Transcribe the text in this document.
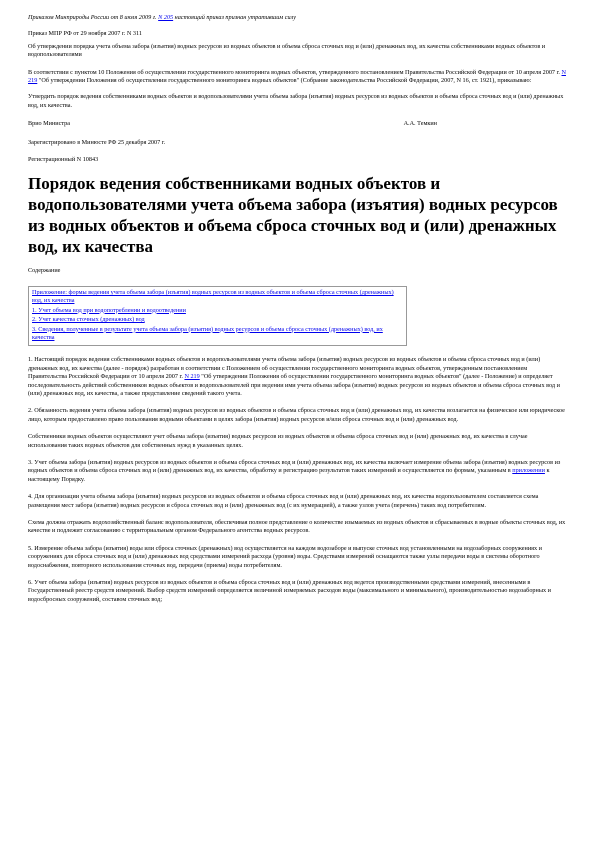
Приказом Минприроды России от 8 июля 2009 г. N 205 настоящий приказ признан утратившим силу
Приказ МПР РФ от 29 ноября 2007 г. N 311
Об утверждении порядка учета объема забора (изъятия) водных ресурсов из водных объектов и объема сброса сточных вод и (или) дренажных вод, их качества собственниками водных объектов и водопользователями
В соответствии с пунктом 10 Положения об осуществлении государственного мониторинга водных объектов, утвержденного постановлением Правительства Российской Федерации от 10 апреля 2007 г. N 219 "Об утверждении Положения об осуществлении государственного мониторинга водных объектов" (Собрание законодательства Российской Федерации, 2007, N 16, ст. 1921), приказываю:
Утвердить порядок ведения собственниками водных объектов и водопользователями учета объема забора (изъятия) водных ресурсов из водных объектов и объема сброса сточных вод и (или) дренажных вод, их качества.
Врио Министра	А.А. Темкин
Зарегистрировано в Минюсте РФ 25 декабря 2007 г.
Регистрационный N 10843
Порядок ведения собственниками водных объектов и водопользователями учета объема забора (изъятия) водных ресурсов из водных объектов и объема сброса сточных вод и (или) дренажных вод, их качества
Содержание
Приложение: формы ведения учета объема забора (изъятия) водных ресурсов из водных объектов и объема сброса сточных (дренажных) вод, их качества
1. Учет объема вод при водопотреблении и водоотведении
2. Учет качества сточных (дренажных) вод
3. Сведения, полученные в результате учета объема забора (изъятия) водных ресурсов и объема сброса сточных (дренажных) вод, их качества
1. Настоящий порядок ведения собственниками водных объектов и водопользователями учета объема забора (изъятия) водных ресурсов из водных объектов и объема сброса сточных вод и (или) дренажных вод, их качества (далее - порядок) разработан в соответствии с Положением об осуществлении государственного мониторинга водных объектов, утвержденным постановлением Правительства Российской Федерации от 10 апреля 2007 г. N 219 "Об утверждении Положения об осуществлении государственного мониторинга водных объектов" (далее - Положение) и определяет последовательность действий собственников водных объектов и водопользователей при ведении ими учета объема забора (изъятия) водных ресурсов из водных объектов и объема сброса сточных вод и (или) дренажных вод, их качества, а также представление сведений такого учета.
2. Обязанность ведения учета объема забора (изъятия) водных ресурсов из водных объектов и объема сброса сточных вод и (или) дренажных вод, их качества возлагается на физическое или юридическое лицо, которым предоставлено право пользования водными объектами в целях забора (изъятия) водных ресурсов и/или сброса сточных вод и (или) дренажных вод.
Собственники водных объектов осуществляют учет объема забора (изъятия) водных ресурсов из водных объектов и объема сброса сточных вод и (или) дренажных вод, их качества в случае использования таких водных объектов для собственных нужд в указанных целях.
3. Учет объема забора (изъятия) водных ресурсов из водных объектов и объема сброса сточных вод и (или) дренажных вод, их качества включает измерение объема забора (изъятия) водных ресурсов из водных объектов и объема сброса сточных вод и (или) дренажных вод, их качества, обработку и регистрацию результатов таких измерений и осуществляется по формам, указанным в приложении к настоящему Порядку.
4. Для организации учета объема забора (изъятия) водных ресурсов из водных объектов и объема сброса сточных вод и (или) дренажных вод, их качества водопользователем составляется схема размещения мест забора (изъятия) водных ресурсов и сброса сточных вод и (или) дренажных вод (с их нумерацией), а также узлов учета (перечень) таких вод потребителям.
Схема должна отражать водохозяйственный баланс водопользователя, обеспечивая полное представление о количестве изымаемых из водных объектов и сбрасываемых в водные объекты сточных вод, их качестве и подлежит согласованию с территориальным органом Федерального агентства водных ресурсов.
5. Измерение объема забора (изъятия) воды или сброса сточных (дренажных) вод осуществляется на каждом водозаборе и выпуске сточных вод установленными на водозаборных сооружениях и сооружениях для сброса сточных вод и (или) дренажных вод средствами измерений расхода (уровня) воды. Средствами измерений оснащаются также узлы передачи воды в системы оборотного водоснабжения, повторного использования сточных вод, передачи (приема) воды потребителям.
6. Учет объема забора (изъятия) водных ресурсов из водных объектов и объема сброса сточных вод и (или) дренажных вод ведется производственными средствами измерений, внесенными в Государственный реестр средств измерений. Выбор средств измерений определяется величиной измеряемых расходов воды (максимального и минимального), производительностью водозаборных и водосбросных сооружений, составом сточных вод;
